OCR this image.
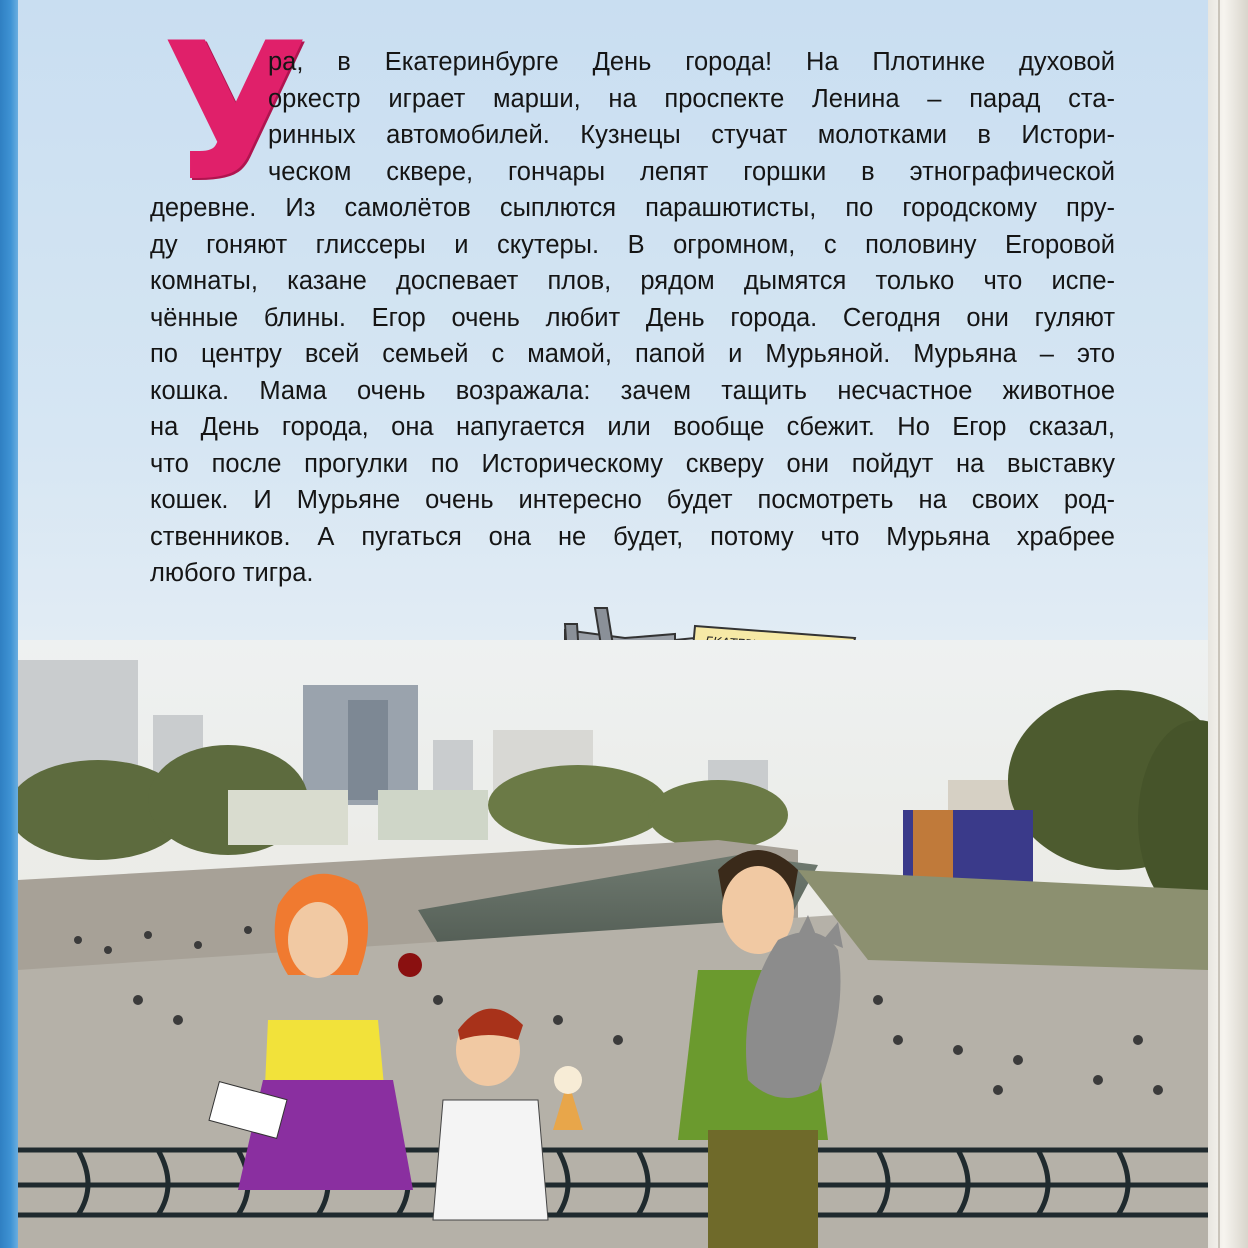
​
У
ра, в Екатеринбурге День города! На Плотинке духовой
оркестр играет марши, на проспекте Ленина – парад ста-
ринных автомобилей. Кузнецы стучат молотками в Истори-
ческом сквере, гончары лепят горшки в этнографической
деревне. Из самолётов сыплются парашютисты, по городскому пру-
ду гоняют глиссеры и скутеры. В огромном, с половину Егоровой
комнаты, казане доспевает плов, рядом дымятся только что испе-
чённые блины. Егор очень любит День города. Сегодня они гуляют
по центру всей семьей с мамой, папой и Мурьяной. Мурьяна – это
кошка. Мама очень возражала: зачем тащить несчастное животное
на День города, она напугается или вообще сбежит. Но Егор сказал,
что после прогулки по Историческому скверу они пойдут на выставку
кошек. И Мурьяне очень интересно будет посмотреть на своих род-
ственников. А пугаться она не будет, потому что Мурьяна храбрее
любого тигра.
